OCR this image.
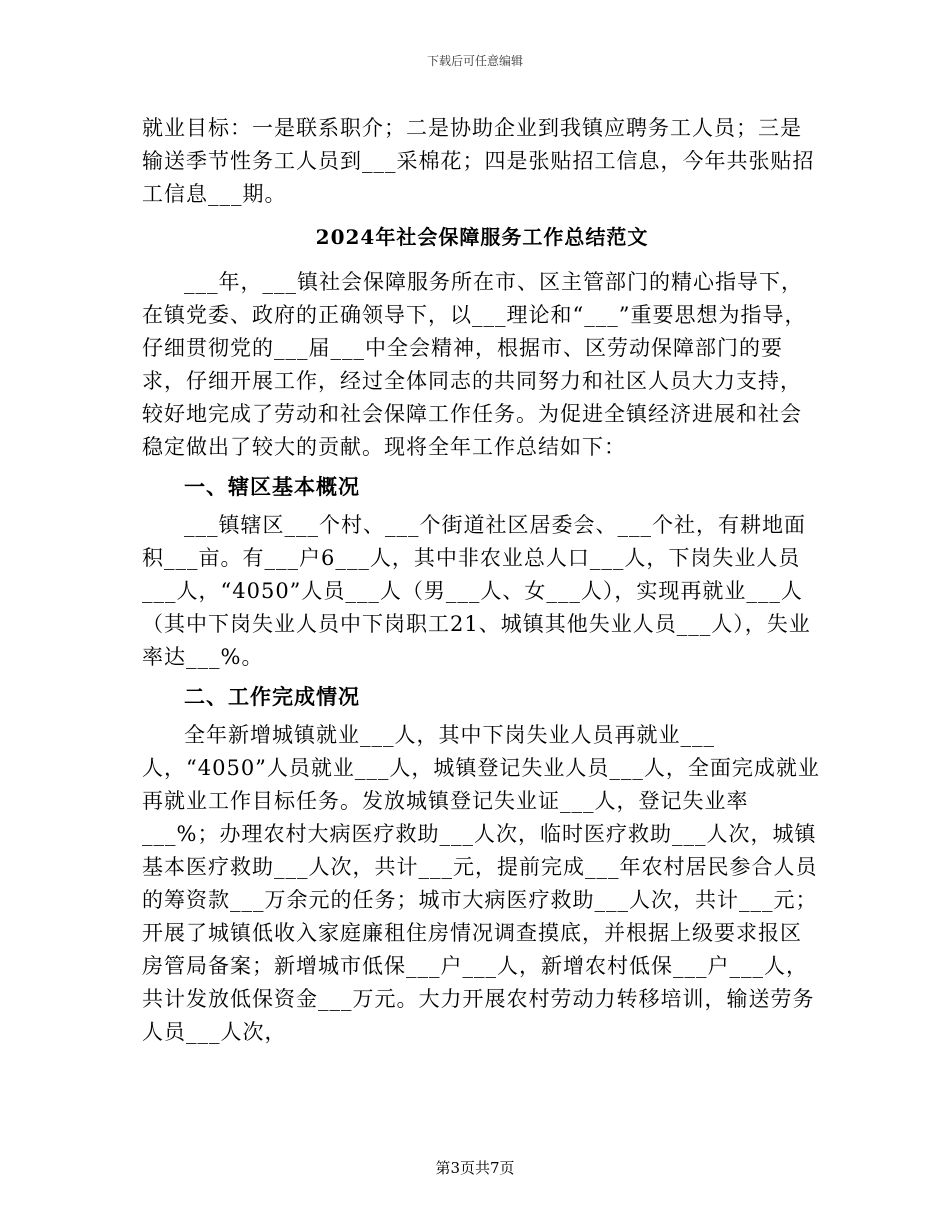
下载后可任意编辑

就业目标：一是联系职介；二是协助企业到我镇应聘务工人员；三是输送季节性务工人员到___采棉花；四是张贴招工信息，今年共张贴招工信息___期。

2024年社会保障服务工作总结范文

___年，___镇社会保障服务所在市、区主管部门的精心指导下，在镇党委、政府的正确领导下，以___理论和“___”重要思想为指导，仔细贯彻党的___届___中全会精神，根据市、区劳动保障部门的要求，仔细开展工作，经过全体同志的共同努力和社区人员大力支持，较好地完成了劳动和社会保障工作任务。为促进全镇经济进展和社会稳定做出了较大的贡献。现将全年工作总结如下：

一、辖区基本概况

___镇辖区___个村、___个街道社区居委会、___个社，有耕地面积___亩。有___户6___人，其中非农业总人口___人，下岗失业人员___人，“4050”人员___人（男___人、女___人），实现再就业___人（其中下岗失业人员中下岗职工21、城镇其他失业人员___人），失业率达___%。

二、工作完成情况

全年新增城镇就业___人，其中下岗失业人员再就业___人，“4050”人员就业___人，城镇登记失业人员___人，全面完成就业再就业工作目标任务。发放城镇登记失业证___人，登记失业率___%；办理农村大病医疗救助___人次，临时医疗救助___人次，城镇基本医疗救助___人次，共计___元，提前完成___年农村居民参合人员的筹资款___万余元的任务；城市大病医疗救助___人次，共计___元；开展了城镇低收入家庭廉租住房情况调查摸底，并根据上级要求报区房管局备案；新增城市低保___户___人，新增农村低保___户___人，共计发放低保资金___万元。大力开展农村劳动力转移培训，输送劳务人员___人次，

第3页共7页
